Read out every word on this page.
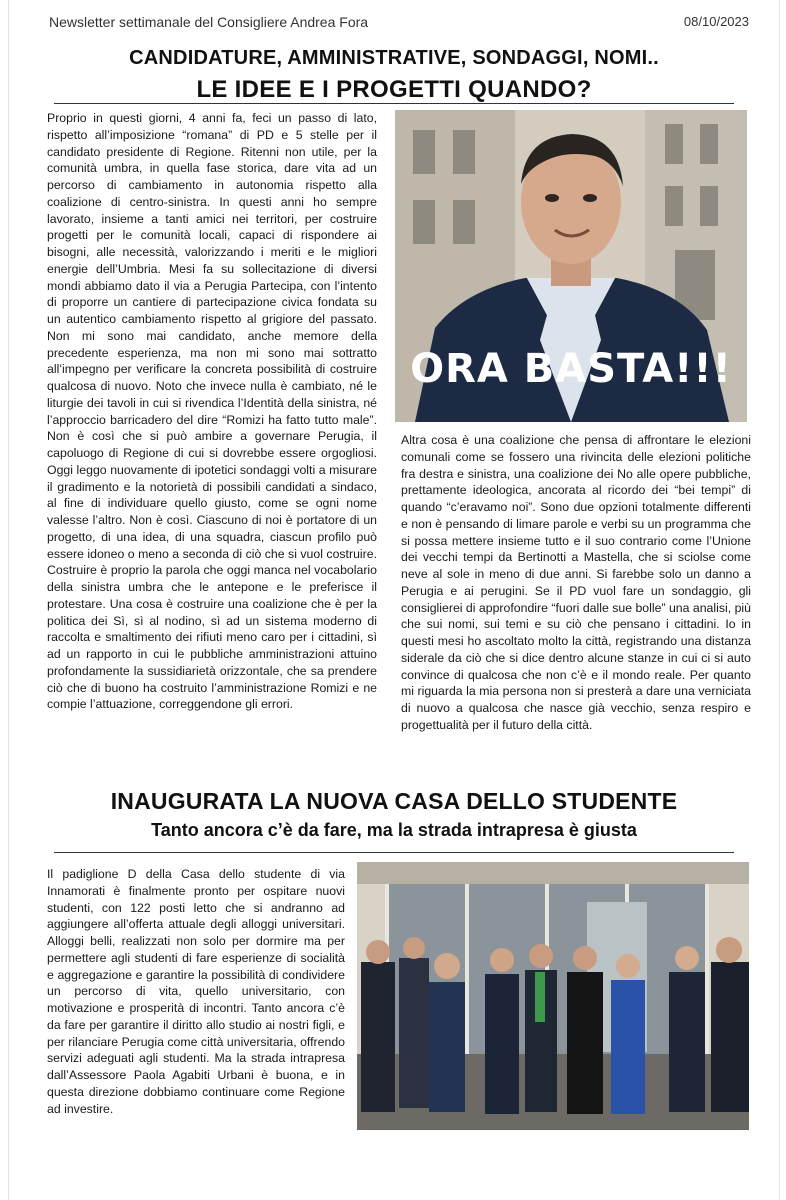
Newsletter settimanale del Consigliere Andrea Fora	08/10/2023
CANDIDATURE, AMMINISTRATIVE, SONDAGGI, NOMI..
LE IDEE E I PROGETTI QUANDO?

Proprio in questi giorni, 4 anni fa, feci un passo di lato, rispetto all’imposizione “romana” di PD e 5 stelle per il candidato presidente di Regione. Ritenni non utile, per la comunità umbra, in quella fase storica, dare vita ad un percorso di cambiamento in autonomia rispetto alla coalizione di centro-sinistra. In questi anni ho sempre lavorato, insieme a tanti amici nei territori, per costruire progetti per le comunità locali, capaci di rispondere ai bisogni, alle necessità, valorizzando i meriti e le migliori energie dell’Umbria. Mesi fa su sollecitazione di diversi mondi abbiamo dato il via a Perugia Partecipa, con l’intento di proporre un cantiere di partecipazione civica fondata su un autentico cambiamento rispetto al grigiore del passato. Non mi sono mai candidato, anche memore della precedente esperienza, ma non mi sono mai sottratto all’impegno per verificare la concreta possibilità di costruire qualcosa di nuovo. Noto che invece nulla è cambiato, né le liturgie dei tavoli in cui si rivendica l’Identità della sinistra, né l’approccio barricadero del dire “Romizi ha fatto tutto male”. Non è così che si può ambire a governare Perugia, il capoluogo di Regione di cui si dovrebbe essere orgogliosi. Oggi leggo nuovamente di ipotetici sondaggi volti a misurare il gradimento e la notorietà di possibili candidati a sindaco, al fine di individuare quello giusto, come se ogni nome valesse l’altro. Non è così. Ciascuno di noi è portatore di un progetto, di una idea, di una squadra, ciascun profilo può essere idoneo o meno a seconda di ciò che si vuol costruire. Costruire è proprio la parola che oggi manca nel vocabolario della sinistra umbra che le antepone e le preferisce il protestare. Una cosa è costruire una coalizione che è per la politica dei Sì, sì al nodino, sì ad un sistema moderno di raccolta e smaltimento dei rifiuti meno caro per i cittadini, sì ad un rapporto in cui le pubbliche amministrazioni attuino profondamente la sussidiarietà orizzontale, che sa prendere ciò che di buono ha costruito l’amministrazione Romizi e ne compie l’attuazione, correggendone gli errori.

ORA BASTA!!!

Altra cosa è una coalizione che pensa di affrontare le elezioni comunali come se fossero una rivincita delle elezioni politiche fra destra e sinistra, una coalizione dei No alle opere pubbliche, prettamente ideologica, ancorata al ricordo dei “bei tempi” di quando “c’eravamo noi”. Sono due opzioni totalmente differenti e non è pensando di limare parole e verbi su un programma che si possa mettere insieme tutto e il suo contrario come l’Unione dei vecchi tempi da Bertinotti a Mastella, che si sciolse come neve al sole in meno di due anni. Si farebbe solo un danno a Perugia e ai perugini. Se il PD vuol fare un sondaggio, gli consiglierei di approfondire “fuori dalle sue bolle” una analisi, più che sui nomi, sui temi e su ciò che pensano i cittadini. Io in questi mesi ho ascoltato molto la città, registrando una distanza siderale da ciò che si dice dentro alcune stanze in cui ci si auto convince di qualcosa che non c’è e il mondo reale. Per quanto mi riguarda la mia persona non si presterà a dare una verniciata di nuovo a qualcosa che nasce già vecchio, senza respiro e progettualità per il futuro della città.

INAUGURATA LA NUOVA CASA DELLO STUDENTE
Tanto ancora c’è da fare, ma la strada intrapresa è giusta

Il padiglione D della Casa dello studente di via Innamorati è finalmente pronto per ospitare nuovi studenti, con 122 posti letto che si andranno ad aggiungere all’offerta attuale degli alloggi universitari. Alloggi belli, realizzati non solo per dormire ma per permettere agli studenti di fare esperienze di socialità e aggregazione e garantire la possibilità di condividere un percorso di vita, quello universitario, con motivazione e prosperità di incontri. Tanto ancora c’è da fare per garantire il diritto allo studio ai nostri figli, e per rilanciare Perugia come città universitaria, offrendo servizi adeguati agli studenti. Ma la strada intrapresa dall’Assessore Paola Agabiti Urbani è buona, e in questa direzione dobbiamo continuare come Regione ad investire.
